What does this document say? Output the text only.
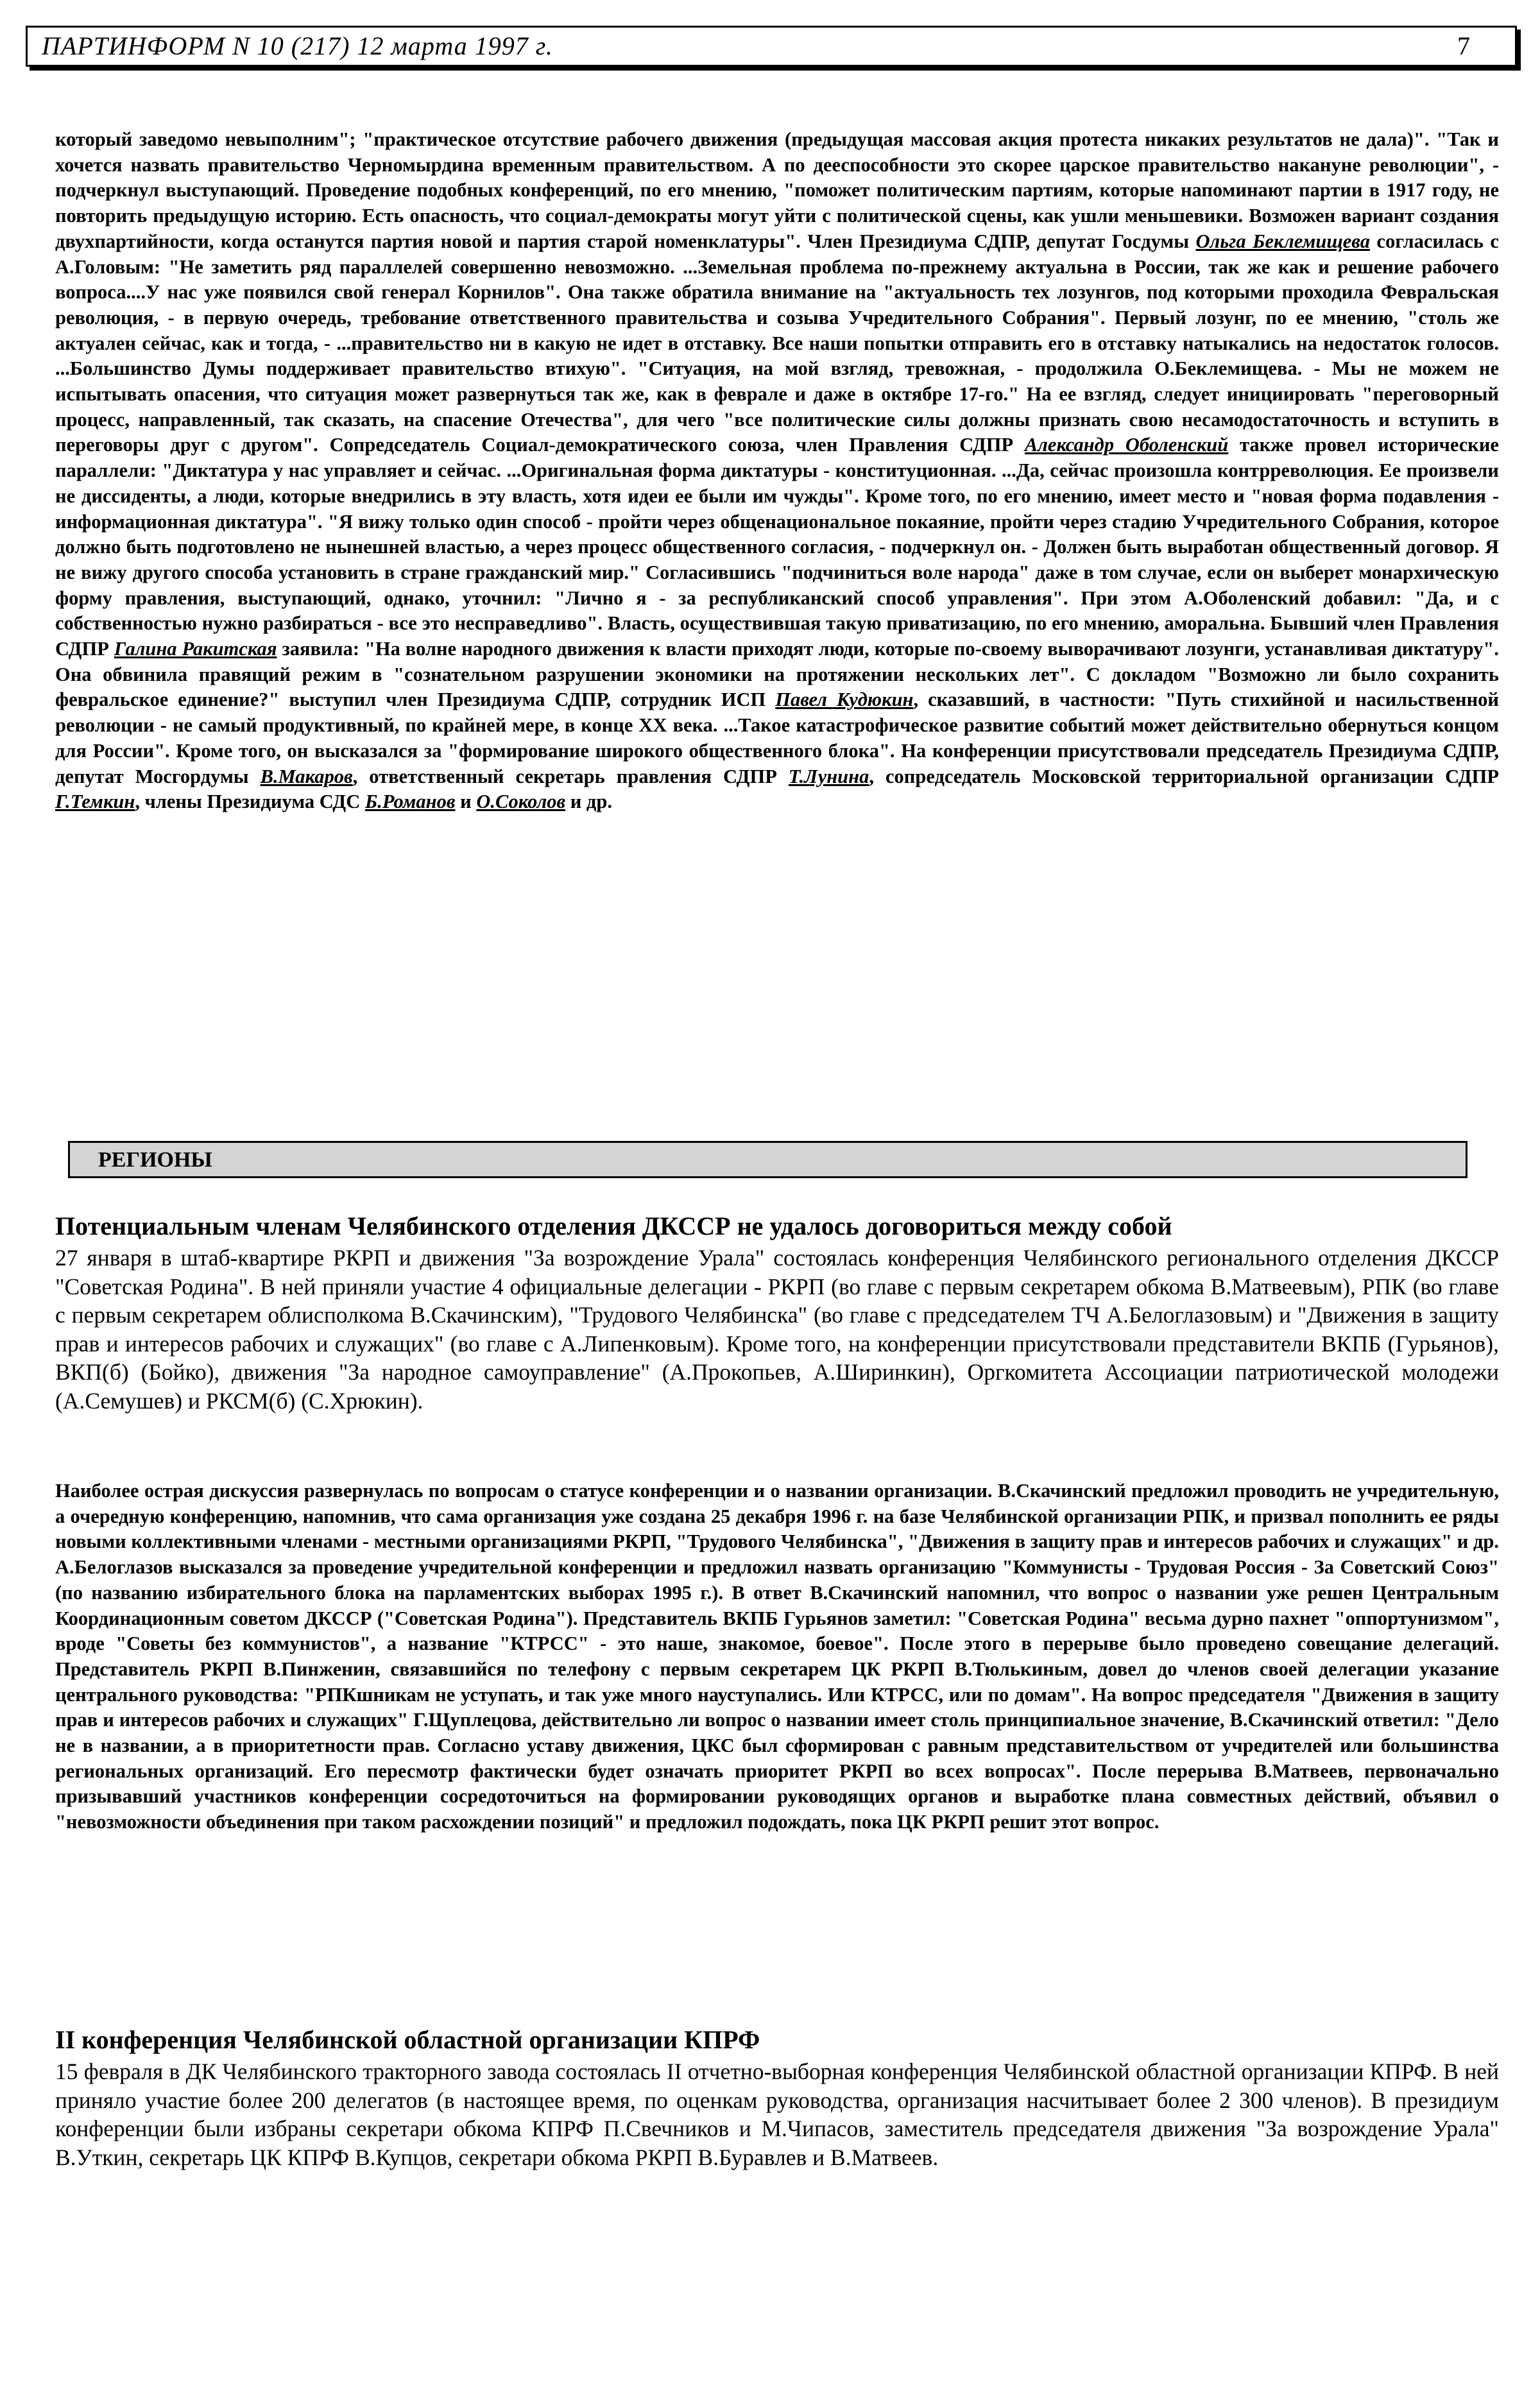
ПАРТИНФОРМ N 10 (217) 12 марта 1997 г.	7

который заведомо невыполним"; "практическое отсутствие рабочего движения (предыдущая массовая акция протеста никаких результатов не дала)". "Так и хочется назвать правительство Черномырдина временным правительством. А по дееспособности это скорее царское правительство накануне революции", - подчеркнул выступающий. Проведение подобных конференций, по его мнению, "поможет политическим партиям, которые напоминают партии в 1917 году, не повторить предыдущую историю. Есть опасность, что социал-демократы могут уйти с политической сцены, как ушли меньшевики. Возможен вариант создания двухпартийности, когда останутся партия новой и партия старой номенклатуры". Член Президиума СДПР, депутат Госдумы Ольга Беклемищева согласилась с А.Головым: "Не заметить ряд параллелей совершенно невозможно. ...Земельная проблема по-прежнему актуальна в России, так же как и решение рабочего вопроса....У нас уже появился свой генерал Корнилов". Она также обратила внимание на "актуальность тех лозунгов, под которыми проходила Февральская революция, - в первую очередь, требование ответственного правительства и созыва Учредительного Собрания". Первый лозунг, по ее мнению, "столь же актуален сейчас, как и тогда, - ...правительство ни в какую не идет в отставку. Все наши попытки отправить его в отставку натыкались на недостаток голосов. ...Большинство Думы поддерживает правительство втихую". "Ситуация, на мой взгляд, тревожная, - продолжила О.Беклемищева. - Мы не можем не испытывать опасения, что ситуация может развернуться так же, как в феврале и даже в октябре 17-го." На ее взгляд, следует инициировать "переговорный процесс, направленный, так сказать, на спасение Отечества", для чего "все политические силы должны признать свою несамодостаточность и вступить в переговоры друг с другом". Сопредседатель Социал-демократического союза, член Правления СДПР Александр Оболенский также провел исторические параллели: "Диктатура у нас управляет и сейчас. ...Оригинальная форма диктатуры - конституционная. ...Да, сейчас произошла контрреволюция. Ее произвели не диссиденты, а люди, которые внедрились в эту власть, хотя идеи ее были им чужды". Кроме того, по его мнению, имеет место и "новая форма подавления - информационная диктатура". "Я вижу только один способ - пройти через общенациональное покаяние, пройти через стадию Учредительного Собрания, которое должно быть подготовлено не нынешней властью, а через процесс общественного согласия, - подчеркнул он. - Должен быть выработан общественный договор. Я не вижу другого способа установить в стране гражданский мир." Согласившись "подчиниться воле народа" даже в том случае, если он выберет монархическую форму правления, выступающий, однако, уточнил: "Лично я - за республиканский способ управления". При этом А.Оболенский добавил: "Да, и с собственностью нужно разбираться - все это несправедливо". Власть, осуществившая такую приватизацию, по его мнению, аморальна. Бывший член Правления СДПР Галина Ракитская заявила: "На волне народного движения к власти приходят люди, которые по-своему выворачивают лозунги, устанавливая диктатуру". Она обвинила правящий режим в "сознательном разрушении экономики на протяжении нескольких лет". С докладом "Возможно ли было сохранить февральское единение?" выступил член Президиума СДПР, сотрудник ИСП Павел Кудюкин, сказавший, в частности: "Путь стихийной и насильственной революции - не самый продуктивный, по крайней мере, в конце XX века. ...Такое катастрофическое развитие событий может действительно обернуться концом для России". Кроме того, он высказался за "формирование широкого общественного блока". На конференции присутствовали председатель Президиума СДПР, депутат Мосгордумы В.Макаров, ответственный секретарь правления СДПР Т.Лунина, сопредседатель Московской территориальной организации СДПР Г.Темкин, члены Президиума СДС Б.Романов и О.Соколов и др.

РЕГИОНЫ
Потенциальным членам Челябинского отделения ДКССР не удалось договориться между собой

27 января в штаб-квартире РКРП и движения "За возрождение Урала" состоялась конференция Челябинского регионального отделения ДКССР "Советская Родина". В ней приняли участие 4 официальные делегации - РКРП (во главе с первым секретарем обкома В.Матвеевым), РПК (во главе с первым секретарем облисполкома В.Скачинским), "Трудового Челябинска" (во главе с председателем ТЧ А.Белоглазовым) и "Движения в защиту прав и интересов рабочих и служащих" (во главе с А.Липенковым). Кроме того, на конференции присутствовали представители ВКПБ (Гурьянов), ВКП(б) (Бойко), движения "За народное самоуправление" (А.Прокопьев, А.Ширинкин), Оргкомитета Ассоциации патриотической молодежи (А.Семушев) и РКСМ(б) (С.Хрюкин).

Наиболее острая дискуссия развернулась по вопросам о статусе конференции и о названии организации. В.Скачинский предложил проводить не учредительную, а очередную конференцию, напомнив, что сама организация уже создана 25 декабря 1996 г. на базе Челябинской организации РПК, и призвал пополнить ее ряды новыми коллективными членами - местными организациями РКРП, "Трудового Челябинска", "Движения в защиту прав и интересов рабочих и служащих" и др. А.Белоглазов высказался за проведение учредительной конференции и предложил назвать организацию "Коммунисты - Трудовая Россия - За Советский Союз" (по названию избирательного блока на парламентских выборах 1995 г.). В ответ В.Скачинский напомнил, что вопрос о названии уже решен Центральным Координационным советом ДКССР ("Советская Родина"). Представитель ВКПБ Гурьянов заметил: "Советская Родина" весьма дурно пахнет "оппортунизмом", вроде "Советы без коммунистов", а название "КТРСС" - это наше, знакомое, боевое". После этого в перерыве было проведено совещание делегаций. Представитель РКРП В.Пинженин, связавшийся по телефону с первым секретарем ЦК РКРП В.Тюлькиным, довел до членов своей делегации указание центрального руководства: "РПКшникам не уступать, и так уже много науступались. Или КТРСС, или по домам". На вопрос председателя "Движения в защиту прав и интересов рабочих и служащих" Г.Щуплецова, действительно ли вопрос о названии имеет столь принципиальное значение, В.Скачинский ответил: "Дело не в названии, а в приоритетности прав. Согласно уставу движения, ЦКС был сформирован с равным представительством от учредителей или большинства региональных организаций. Его пересмотр фактически будет означать приоритет РКРП во всех вопросах". После перерыва В.Матвеев, первоначально призывавший участников конференции сосредоточиться на формировании руководящих органов и выработке плана совместных действий, объявил о "невозможности объединения при таком расхождении позиций" и предложил подождать, пока ЦК РКРП решит этот вопрос.

II конференция Челябинской областной организации КПРФ

15 февраля в ДК Челябинского тракторного завода состоялась II отчетно-выборная конференция Челябинской областной организации КПРФ. В ней приняло участие более 200 делегатов (в настоящее время, по оценкам руководства, организация насчитывает более 2 300 членов). В президиум конференции были избраны секретари обкома КПРФ П.Свечников и М.Чипасов, заместитель председателя движения "За возрождение Урала" В.Уткин, секретарь ЦК КПРФ В.Купцов, секретари обкома РКРП В.Буравлев и В.Матвеев.
